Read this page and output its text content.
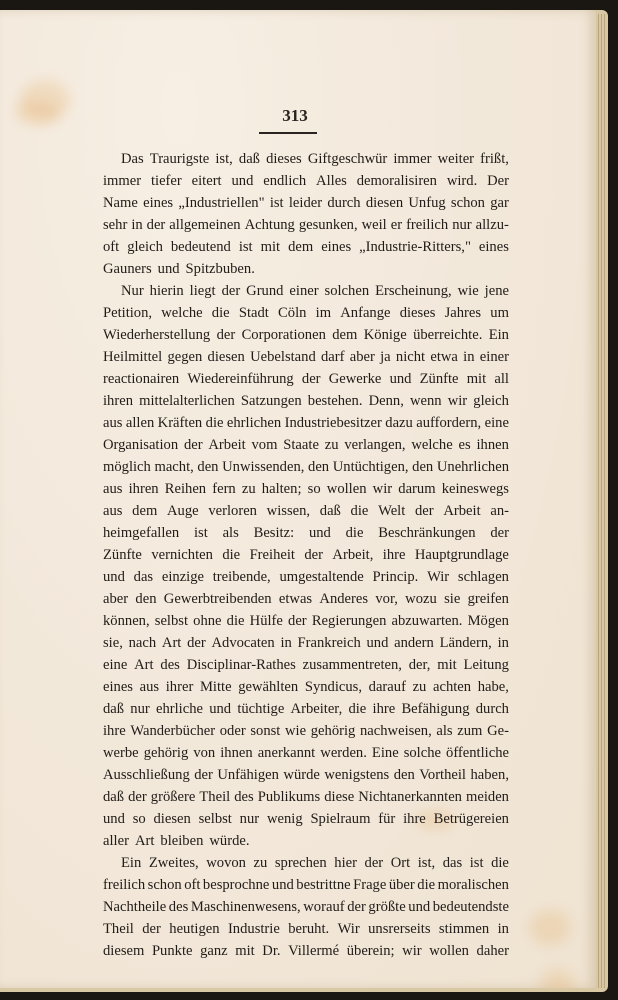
313
Das Traurigste ist, daß dieses Giftgeschwür immer weiter frißt,
immer tiefer eitert und endlich Alles demoralisiren wird. Der
Name eines „Industriellen" ist leider durch diesen Unfug schon gar
sehr in der allgemeinen Achtung gesunken, weil er freilich nur allzu-
oft gleich bedeutend ist mit dem eines „Industrie-Ritters," eines
Gauners und Spitzbuben.
Nur hierin liegt der Grund einer solchen Erscheinung, wie jene
Petition, welche die Stadt Cöln im Anfange dieses Jahres um
Wiederherstellung der Corporationen dem Könige überreichte. Ein
Heilmittel gegen diesen Uebelstand darf aber ja nicht etwa in einer
reactionairen Wiedereinführung der Gewerke und Zünfte mit all
ihren mittelalterlichen Satzungen bestehen. Denn, wenn wir gleich
aus allen Kräften die ehrlichen Industriebesitzer dazu auffordern, eine
Organisation der Arbeit vom Staate zu verlangen, welche es ihnen
möglich macht, den Unwissenden, den Untüchtigen, den Unehrlichen
aus ihren Reihen fern zu halten; so wollen wir darum keineswegs
aus dem Auge verloren wissen, daß die Welt der Arbeit an-
heimgefallen ist als Besitz: und die Beschränkungen der
Zünfte vernichten die Freiheit der Arbeit, ihre Hauptgrundlage
und das einzige treibende, umgestaltende Princip. Wir schlagen
aber den Gewerbtreibenden etwas Anderes vor, wozu sie greifen
können, selbst ohne die Hülfe der Regierungen abzuwarten. Mögen
sie, nach Art der Advocaten in Frankreich und andern Ländern, in
eine Art des Disciplinar-Rathes zusammentreten, der, mit Leitung
eines aus ihrer Mitte gewählten Syndicus, darauf zu achten habe,
daß nur ehrliche und tüchtige Arbeiter, die ihre Befähigung durch
ihre Wanderbücher oder sonst wie gehörig nachweisen, als zum Ge-
werbe gehörig von ihnen anerkannt werden. Eine solche öffentliche
Ausschließung der Unfähigen würde wenigstens den Vortheil haben,
daß der größere Theil des Publikums diese Nichtanerkannten meiden
und so diesen selbst nur wenig Spielraum für ihre Betrügereien
aller Art bleiben würde.
Ein Zweites, wovon zu sprechen hier der Ort ist, das ist die
freilich schon oft besprochne und bestrittne Frage über die moralischen
Nachtheile des Maschinenwesens, worauf der größte und bedeutendste
Theil der heutigen Industrie beruht. Wir unsrerseits stimmen in
diesem Punkte ganz mit Dr. Villermé überein; wir wollen daher
